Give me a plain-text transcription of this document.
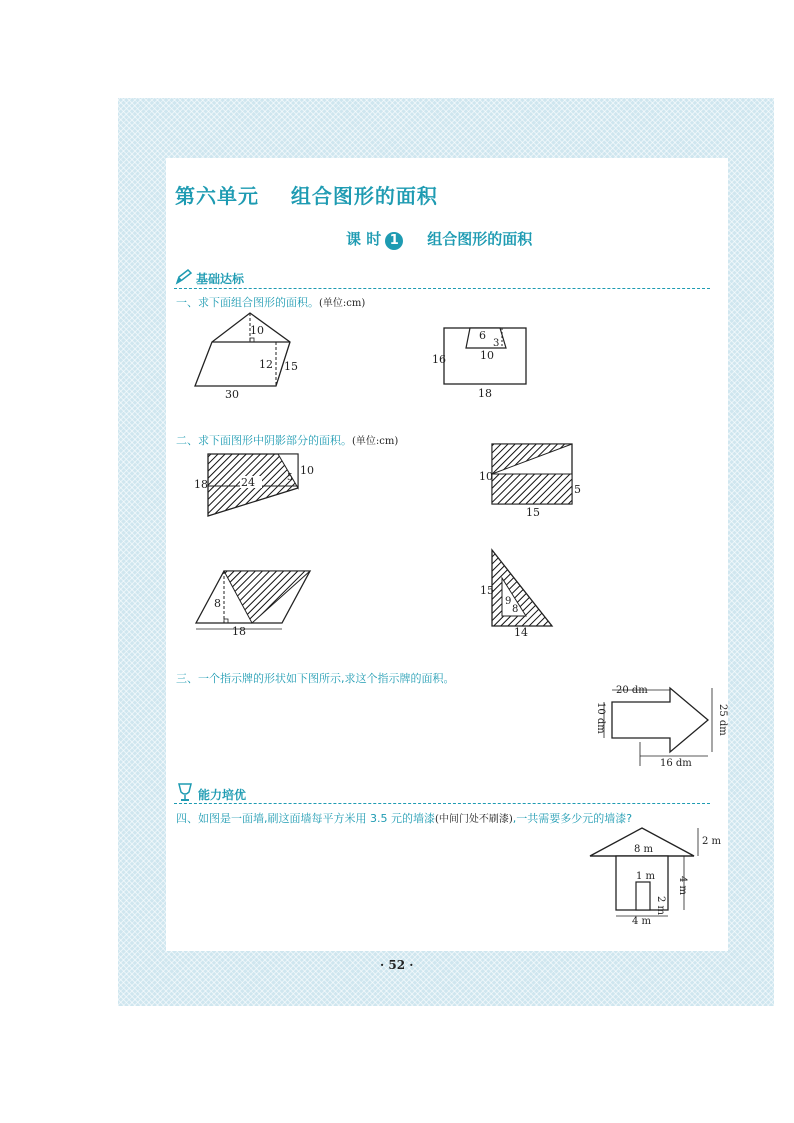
第六单元    组合图形的面积
课 时 1 组合图形的面积
基础达标
一、求下面组合图形的面积。(单位:cm)
10
12 15
30
6
3
10
16
18
二、求下面图形中阴影部分的面积。(单位:cm)
24
10
5
18
10
5
15
8
18
15
9
8
14
三、一个指示牌的形状如下图所示,求这个指示牌的面积。
20 dm
25 dm
10 dm
16 dm
能力培优
四、如图是一面墙,刷这面墙每平方米用 3.5 元的墙漆(中间门处不刷漆),一共需要多少元的墙漆?
8 m
2 m
1 m
2 m
4 m
4 m
· 52 ·
